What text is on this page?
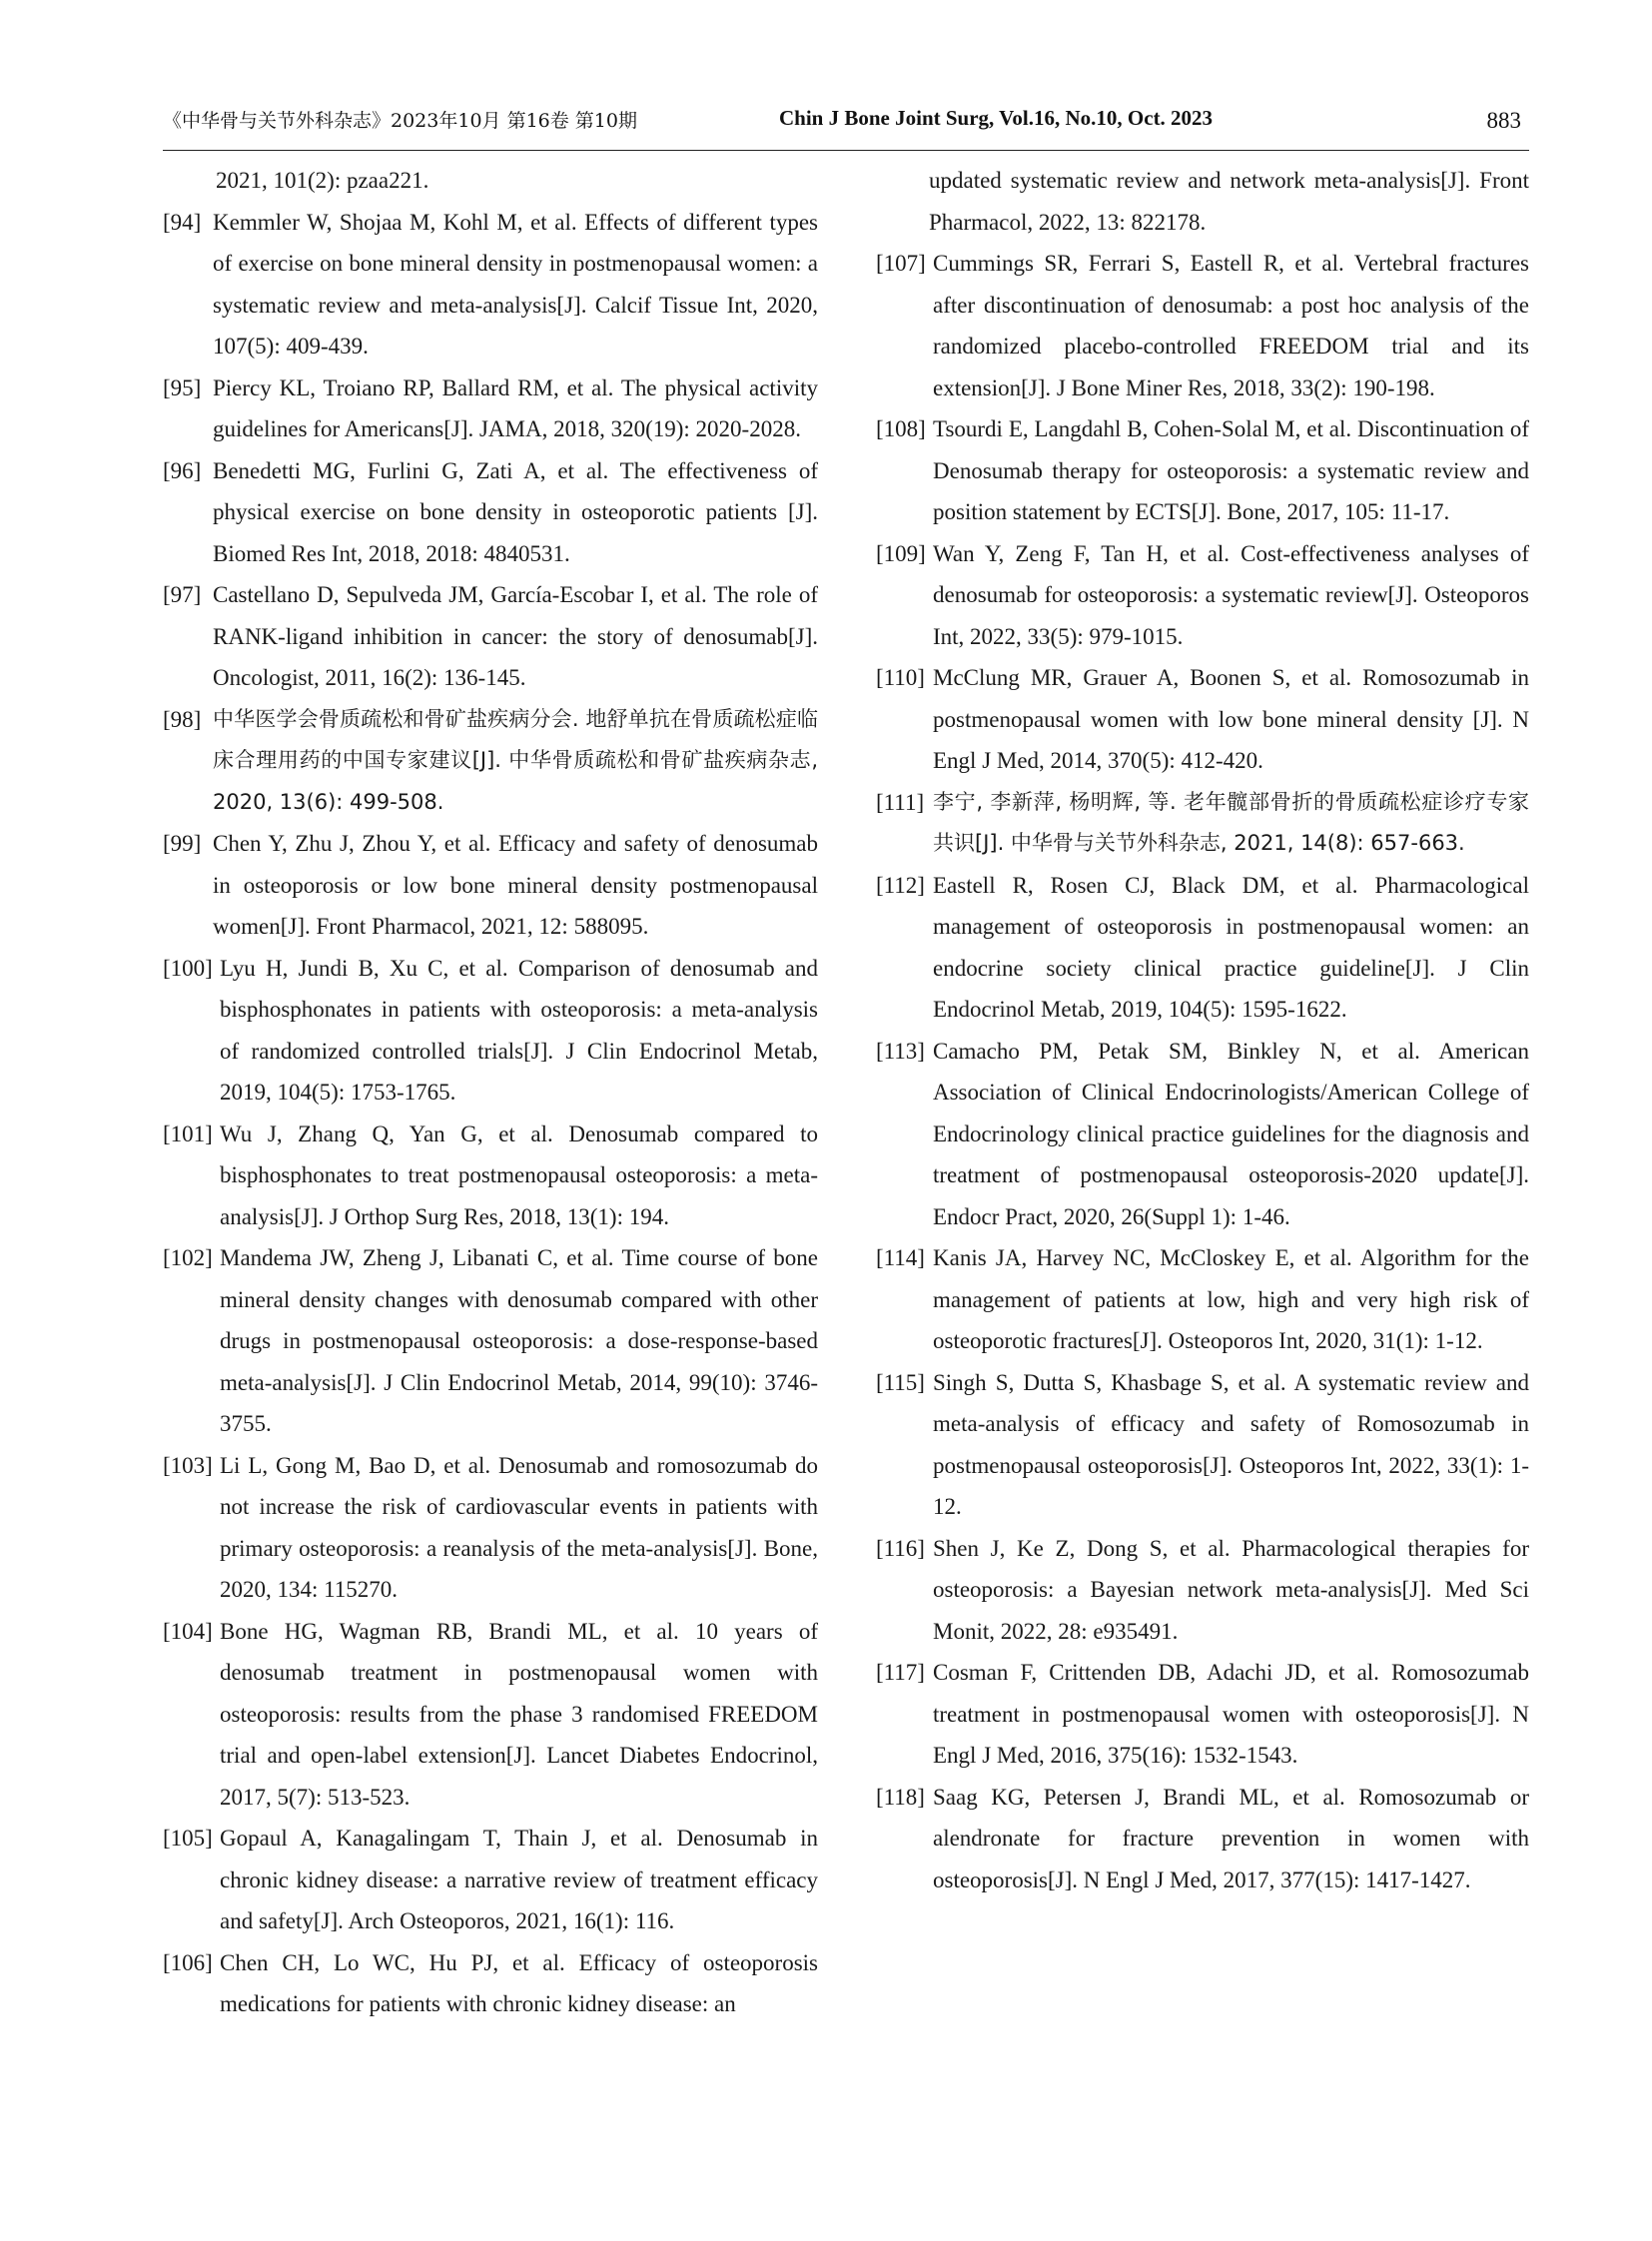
《中华骨与关节外科杂志》2023年10月 第16卷 第10期	Chin J Bone Joint Surg, Vol.16, No.10, Oct. 2023	883
2021, 101(2): pzaa221.
[94] Kemmler W, Shojaa M, Kohl M, et al. Effects of different types of exercise on bone mineral density in postmenopausal women: a systematic review and meta-analysis[J]. Calcif Tissue Int, 2020, 107(5): 409-439.
[95] Piercy KL, Troiano RP, Ballard RM, et al. The physical activity guidelines for Americans[J]. JAMA, 2018, 320(19): 2020-2028.
[96] Benedetti MG, Furlini G, Zati A, et al. The effectiveness of physical exercise on bone density in osteoporotic patients [J]. Biomed Res Int, 2018, 2018: 4840531.
[97] Castellano D, Sepulveda JM, García-Escobar I, et al. The role of RANK-ligand inhibition in cancer: the story of denosumab[J]. Oncologist, 2011, 16(2): 136-145.
[98] 中华医学会骨质疏松和骨矿盐疾病分会. 地舒单抗在骨质疏松症临床合理用药的中国专家建议[J]. 中华骨质疏松和骨矿盐疾病杂志, 2020, 13(6): 499-508.
[99] Chen Y, Zhu J, Zhou Y, et al. Efficacy and safety of denosumab in osteoporosis or low bone mineral density postmenopausal women[J]. Front Pharmacol, 2021, 12: 588095.
[100] Lyu H, Jundi B, Xu C, et al. Comparison of denosumab and bisphosphonates in patients with osteoporosis: a meta-analysis of randomized controlled trials[J]. J Clin Endocrinol Metab, 2019, 104(5): 1753-1765.
[101] Wu J, Zhang Q, Yan G, et al. Denosumab compared to bisphosphonates to treat postmenopausal osteoporosis: a meta-analysis[J]. J Orthop Surg Res, 2018, 13(1): 194.
[102] Mandema JW, Zheng J, Libanati C, et al. Time course of bone mineral density changes with denosumab compared with other drugs in postmenopausal osteoporosis: a dose-response-based meta-analysis[J]. J Clin Endocrinol Metab, 2014, 99(10): 3746-3755.
[103] Li L, Gong M, Bao D, et al. Denosumab and romosozumab do not increase the risk of cardiovascular events in patients with primary osteoporosis: a reanalysis of the meta-analysis[J]. Bone, 2020, 134: 115270.
[104] Bone HG, Wagman RB, Brandi ML, et al. 10 years of denosumab treatment in postmenopausal women with osteoporosis: results from the phase 3 randomised FREEDOM trial and open-label extension[J]. Lancet Diabetes Endocrinol, 2017, 5(7): 513-523.
[105] Gopaul A, Kanagalingam T, Thain J, et al. Denosumab in chronic kidney disease: a narrative review of treatment efficacy and safety[J]. Arch Osteoporos, 2021, 16(1): 116.
[106] Chen CH, Lo WC, Hu PJ, et al. Efficacy of osteoporosis medications for patients with chronic kidney disease: an
updated systematic review and network meta-analysis[J]. Front Pharmacol, 2022, 13: 822178.
[107] Cummings SR, Ferrari S, Eastell R, et al. Vertebral fractures after discontinuation of denosumab: a post hoc analysis of the randomized placebo-controlled FREEDOM trial and its extension[J]. J Bone Miner Res, 2018, 33(2): 190-198.
[108] Tsourdi E, Langdahl B, Cohen-Solal M, et al. Discontinuation of Denosumab therapy for osteoporosis: a systematic review and position statement by ECTS[J]. Bone, 2017, 105: 11-17.
[109] Wan Y, Zeng F, Tan H, et al. Cost-effectiveness analyses of denosumab for osteoporosis: a systematic review[J]. Osteoporos Int, 2022, 33(5): 979-1015.
[110] McClung MR, Grauer A, Boonen S, et al. Romosozumab in postmenopausal women with low bone mineral density [J]. N Engl J Med, 2014, 370(5): 412-420.
[111] 李宁, 李新萍, 杨明辉, 等. 老年髋部骨折的骨质疏松症诊疗专家共识[J]. 中华骨与关节外科杂志, 2021, 14(8): 657-663.
[112] Eastell R, Rosen CJ, Black DM, et al. Pharmacological management of osteoporosis in postmenopausal women: an endocrine society clinical practice guideline[J]. J Clin Endocrinol Metab, 2019, 104(5): 1595-1622.
[113] Camacho PM, Petak SM, Binkley N, et al. American Association of Clinical Endocrinologists/American College of Endocrinology clinical practice guidelines for the diagnosis and treatment of postmenopausal osteoporosis-2020 update[J]. Endocr Pract, 2020, 26(Suppl 1): 1-46.
[114] Kanis JA, Harvey NC, McCloskey E, et al. Algorithm for the management of patients at low, high and very high risk of osteoporotic fractures[J]. Osteoporos Int, 2020, 31(1): 1-12.
[115] Singh S, Dutta S, Khasbage S, et al. A systematic review and meta-analysis of efficacy and safety of Romosozumab in postmenopausal osteoporosis[J]. Osteoporos Int, 2022, 33(1): 1-12.
[116] Shen J, Ke Z, Dong S, et al. Pharmacological therapies for osteoporosis: a Bayesian network meta-analysis[J]. Med Sci Monit, 2022, 28: e935491.
[117] Cosman F, Crittenden DB, Adachi JD, et al. Romosozumab treatment in postmenopausal women with osteoporosis[J]. N Engl J Med, 2016, 375(16): 1532-1543.
[118] Saag KG, Petersen J, Brandi ML, et al. Romosozumab or alendronate for fracture prevention in women with osteoporosis[J]. N Engl J Med, 2017, 377(15): 1417-1427.
